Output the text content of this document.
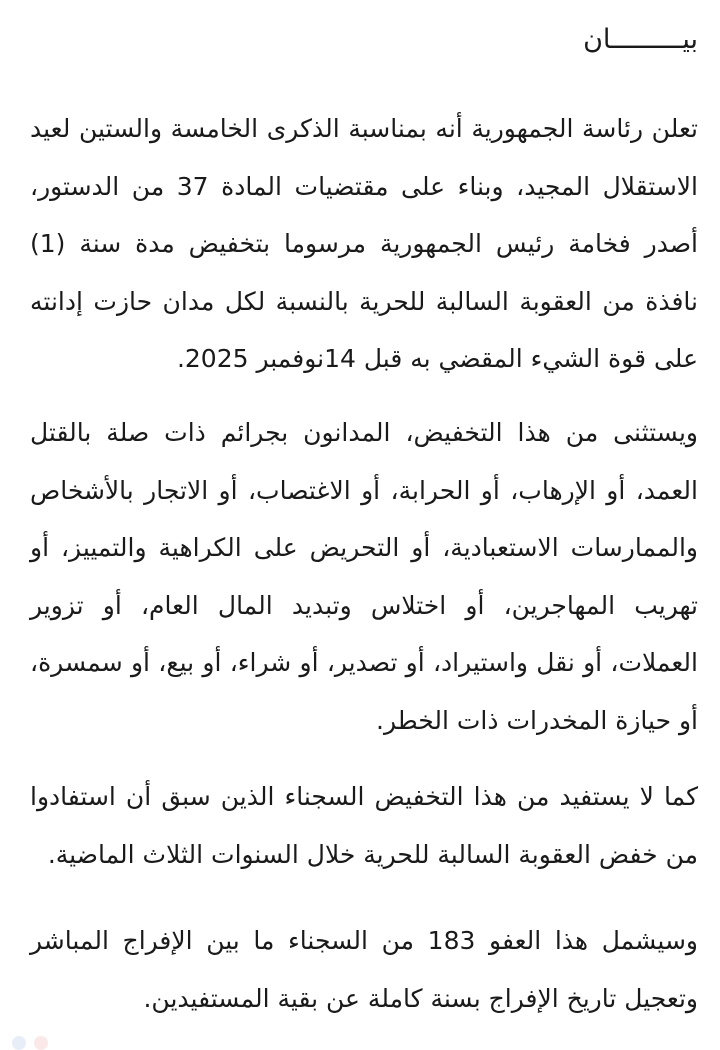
بيـــــــــان

تعلن رئاسة الجمهورية أنه بمناسبة الذكرى الخامسة والستين لعيد
الاستقلال المجيد، وبناء على مقتضيات المادة 37 من الدستور،
أصدر فخامة رئيس الجمهورية مرسوما بتخفيض مدة سنة (1)
نافذة من العقوبة السالبة للحرية بالنسبة لكل مدان حازت إدانته
على قوة الشيء المقضي به قبل 14نوفمبر 2025.

ويستثنى من هذا التخفيض، المدانون بجرائم ذات صلة بالقتل
العمد، أو الإرهاب، أو الحرابة، أو الاغتصاب، أو الاتجار بالأشخاص
والممارسات الاستعبادية، أو التحريض على الكراهية والتمييز، أو
تهريب المهاجرين، أو اختلاس وتبديد المال العام، أو تزوير
العملات، أو نقل واستيراد، أو تصدير، أو شراء، أو بيع، أو سمسرة،
أو حيازة المخدرات ذات الخطر.

كما لا يستفيد من هذا التخفيض السجناء الذين سبق أن استفادوا
من خفض العقوبة السالبة للحرية خلال السنوات الثلاث الماضية.

وسيشمل هذا العفو 183 من السجناء ما بين الإفراج المباشر
وتعجيل تاريخ الإفراج بسنة كاملة عن بقية المستفيدين.
